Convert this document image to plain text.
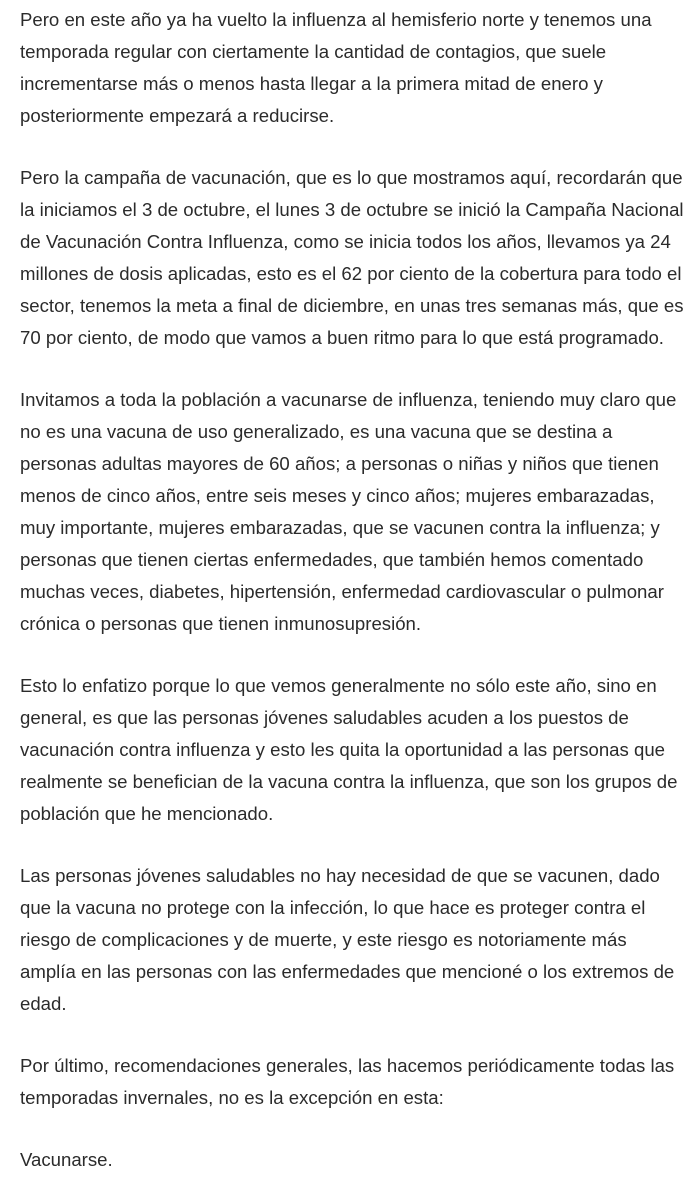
Pero en este año ya ha vuelto la influenza al hemisferio norte y tenemos una temporada regular con ciertamente la cantidad de contagios, que suele incrementarse más o menos hasta llegar a la primera mitad de enero y posteriormente empezará a reducirse.

Pero la campaña de vacunación, que es lo que mostramos aquí, recordarán que la iniciamos el 3 de octubre, el lunes 3 de octubre se inició la Campaña Nacional de Vacunación Contra Influenza, como se inicia todos los años, llevamos ya 24 millones de dosis aplicadas, esto es el 62 por ciento de la cobertura para todo el sector, tenemos la meta a final de diciembre, en unas tres semanas más, que es 70 por ciento, de modo que vamos a buen ritmo para lo que está programado.

Invitamos a toda la población a vacunarse de influenza, teniendo muy claro que no es una vacuna de uso generalizado, es una vacuna que se destina a personas adultas mayores de 60 años; a personas o niñas y niños que tienen menos de cinco años, entre seis meses y cinco años; mujeres embarazadas, muy importante, mujeres embarazadas, que se vacunen contra la influenza; y personas que tienen ciertas enfermedades, que también hemos comentado muchas veces, diabetes, hipertensión, enfermedad cardiovascular o pulmonar crónica o personas que tienen inmunosupresión.

Esto lo enfatizo porque lo que vemos generalmente no sólo este año, sino en general, es que las personas jóvenes saludables acuden a los puestos de vacunación contra influenza y esto les quita la oportunidad a las personas que realmente se benefician de la vacuna contra la influenza, que son los grupos de población que he mencionado.

Las personas jóvenes saludables no hay necesidad de que se vacunen, dado que la vacuna no protege con la infección, lo que hace es proteger contra el riesgo de complicaciones y de muerte, y este riesgo es notoriamente más amplía en las personas con las enfermedades que mencioné o los extremos de edad.

Por último, recomendaciones generales, las hacemos periódicamente todas las temporadas invernales, no es la excepción en esta:

Vacunarse.
